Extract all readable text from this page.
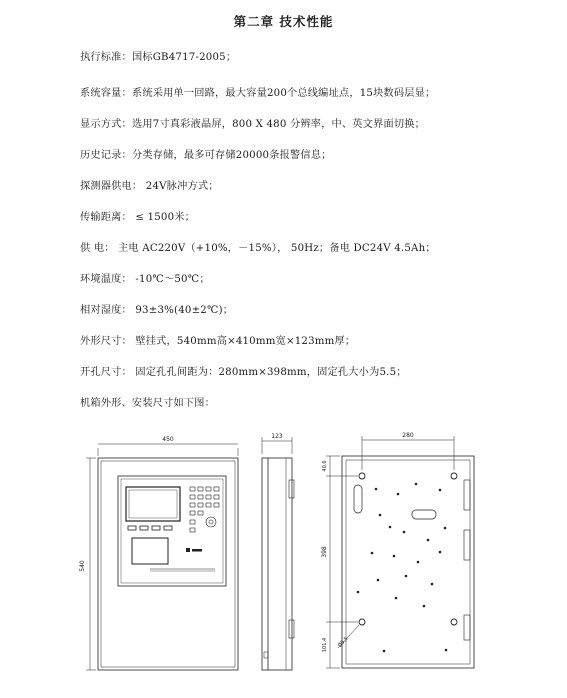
第二章 技术性能
执行标准：国标GB4717-2005；
系统容量：系统采用单一回路，最大容量200个总线编址点，15块数码层显；
显示方式：选用7寸真彩液晶屏，800 X 480 分辨率，中、英文界面切换；
历史记录：分类存储，最多可存储20000条报警信息；
探测器供电： 24V脉冲方式；
传输距离： ≤ 1500米；
供 电： 主电 AC220V（+10%，－15%）， 50Hz；备电 DC24V 4.5Ah；
环境温度： -10℃～50℃；
相对湿度： 93±3%(40±2℃)；
外形尺寸： 壁挂式，540mm高×410mm宽×123mm厚；
开孔尺寸： 固定孔孔间距为：280mm×398mm，固定孔大小为5.5；
机箱外形、安装尺寸如下图：
450
540
123	280
398
40.6
101.4 Ø5.5
